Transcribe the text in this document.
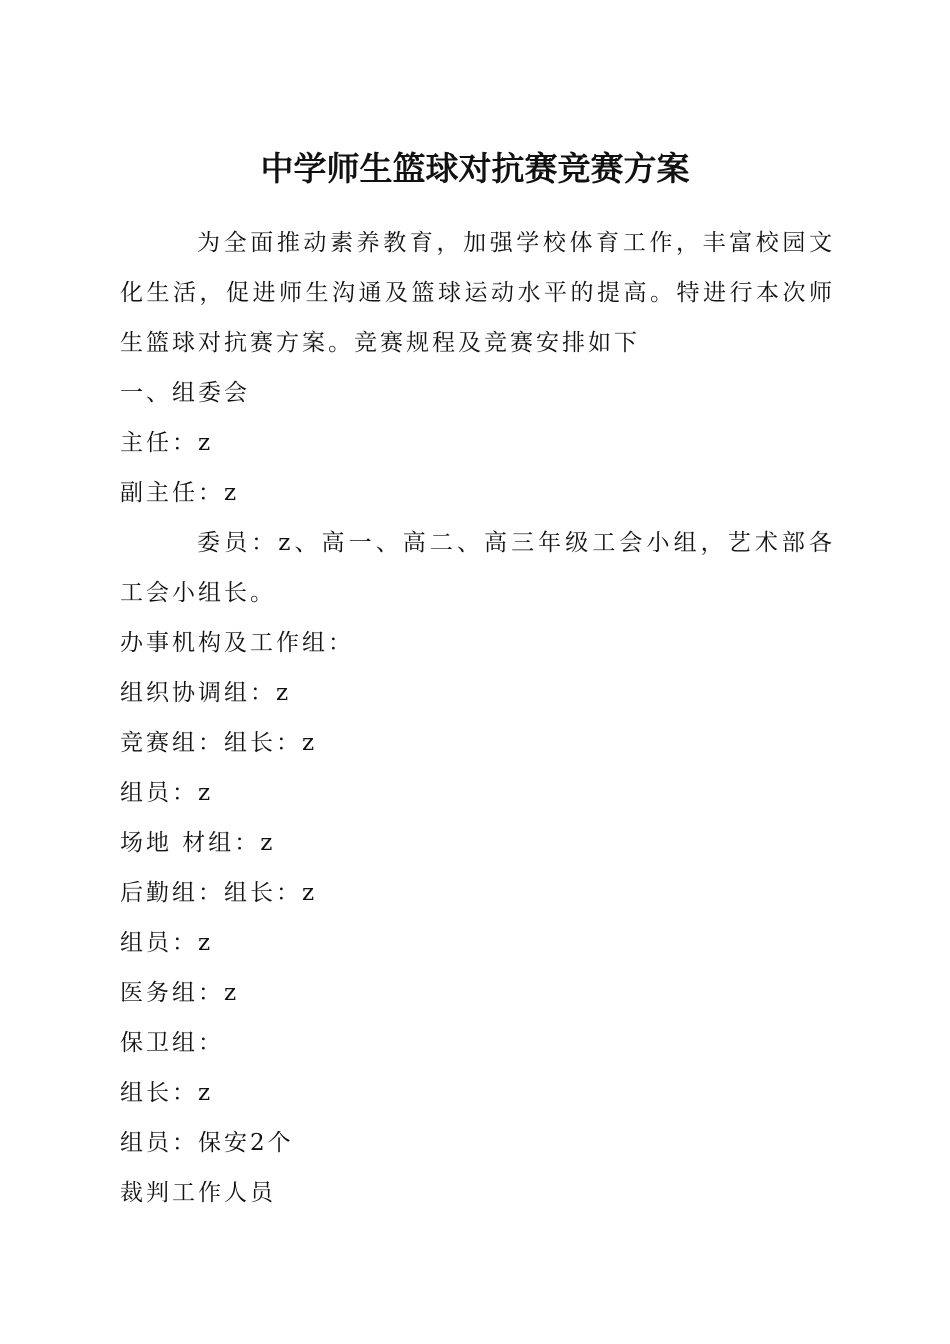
中学师生篮球对抗赛竞赛方案

为全面推动素养教育，加强学校体育工作，丰富校园文化生活，促进师生沟通及篮球运动水平的提高。特进行本次师生篮球对抗赛方案。竞赛规程及竞赛安排如下

一、组委会

主任：z

副主任：z

委员：z、高一、高二、高三年级工会小组，艺术部各工会小组长。

办事机构及工作组：

组织协调组：z

竞赛组：组长：z

组员：z

场地 材组：z

后勤组：组长：z

组员：z

医务组：z

保卫组：

组长：z

组员：保安2个

裁判工作人员
